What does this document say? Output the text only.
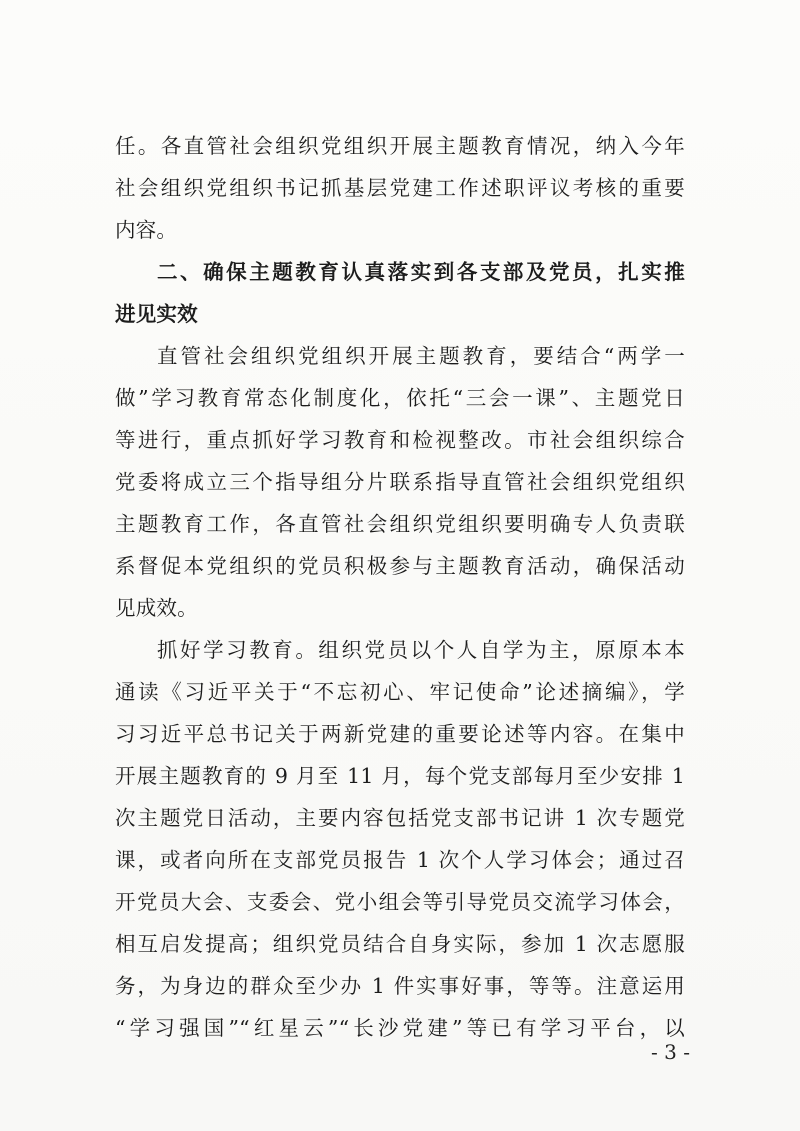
任。各直管社会组织党组织开展主题教育情况，纳入今年
社会组织党组织书记抓基层党建工作述职评议考核的重要
内容。
二、确保主题教育认真落实到各支部及党员，扎实推
进见实效
直管社会组织党组织开展主题教育，要结合“两学一
做”学习教育常态化制度化，依托“三会一课”、主题党日
等进行，重点抓好学习教育和检视整改。市社会组织综合
党委将成立三个指导组分片联系指导直管社会组织党组织
主题教育工作，各直管社会组织党组织要明确专人负责联
系督促本党组织的党员积极参与主题教育活动，确保活动
见成效。
抓好学习教育。组织党员以个人自学为主，原原本本
通读《习近平关于“不忘初心、牢记使命”论述摘编》，学
习习近平总书记关于两新党建的重要论述等内容。在集中
开展主题教育的 9 月至 11 月，每个党支部每月至少安排 1
次主题党日活动，主要内容包括党支部书记讲 1 次专题党
课，或者向所在支部党员报告 1 次个人学习体会；通过召
开党员大会、支委会、党小组会等引导党员交流学习体会，
相互启发提高；组织党员结合自身实际，参加 1 次志愿服
务，为身边的群众至少办 1 件实事好事，等等。注意运用
“学习强国”“红星云”“长沙党建”等已有学习平台，以
- 3 -
